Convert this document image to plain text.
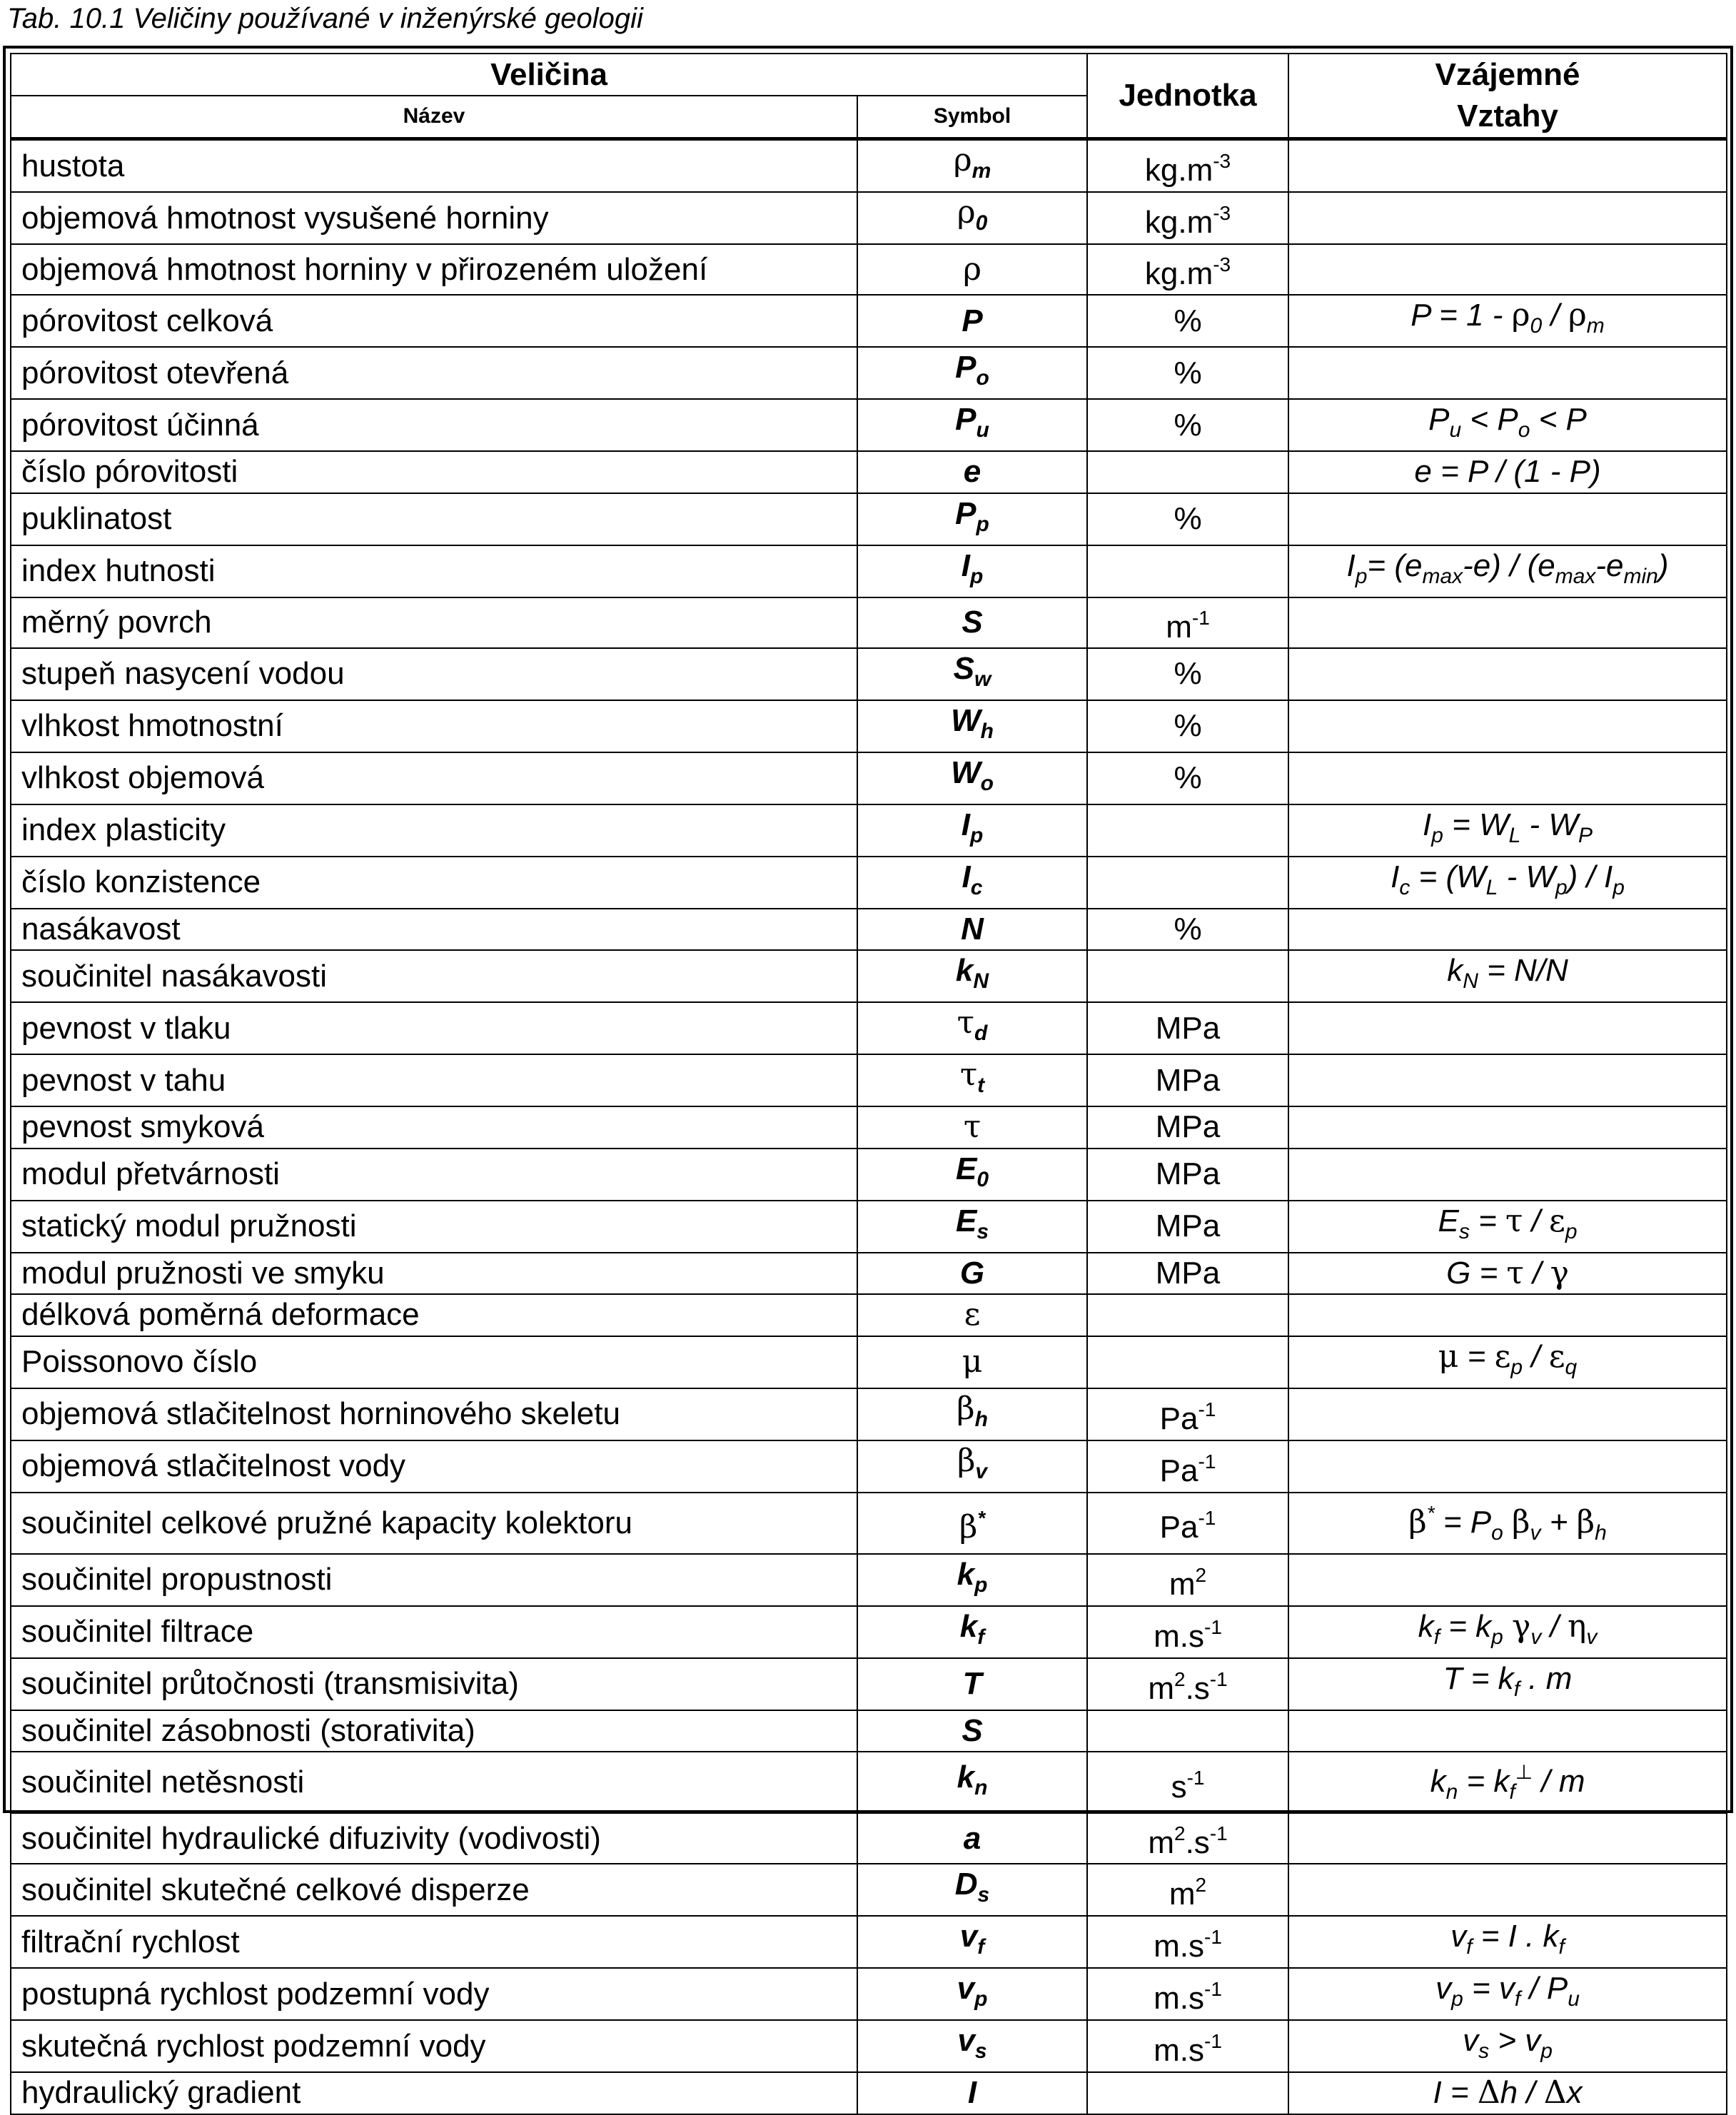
Tab. 10.1 Veličiny používané v inženýrské geologii
Veličina		Jednotka	Vzájemné
Vztahy

Název	Symbol		
hustota	$\rho_m$	$kg.m^{-3}$	
objemová hmotnost vysušené horniny	$\rho_0$	$kg.m^{-3}$	
objemová hmotnost horniny v přirozeném uložení	ρ	$kg.m^{-3}$	
pórovitost celková	P	%	$P = 1 - \rho_0 / \rho_m$
pórovitost otevřená	$P_o$	%	
pórovitost účinná	$P_u$	%	$P_u < P_o < P$
číslo pórovitosti	e		e = P / (1 - P)
puklinatost	$P_p$	%	
index hutnosti	$I_p$		$I_p= (e_{max}-e) / (e_{max}-e_{min})$
měrný povrch	S	$m^{-1}$	
stupeň nasycení vodou	$S_w$	%	
vlhkost hmotnostní	$W_h$	%	
vlhkost objemová	$W_o$	%	
index plasticity	$I_p$		$I_p = W_L - W_P$
číslo konzistence	$I_c$		$I_c = (W_L - W_p) / I_p$
nasákavost	N	%	
součinitel nasákavosti	$k_N$		$k_N = N/N$
pevnost v tlaku	$\tau_d$	MPa	
pevnost v tahu	$\tau_t$	MPa	
pevnost smyková	τ	MPa	
modul přetvárnosti	$E_0$	MPa	
statický modul pružnosti	$E_s$	MPa	$E_s = \tau / \varepsilon_p$
modul pružnosti ve smyku	G	MPa	G = τ / γ
délková poměrná deformace	ε		
Poissonovo číslo	μ		$\mu = \varepsilon_p / \varepsilon_q$
objemová stlačitelnost horninového skeletu	$\beta_h$	$Pa^{-1}$	
objemová stlačitelnost vody	$\beta_v$	$Pa^{-1}$	
součinitel celkové pružné kapacity kolektoru	β*	$Pa^{-1}$	$\beta^* = P_o$ $\beta_v + \beta_h$
součinitel propustnosti	$k_p$	$m^2$	
součinitel filtrace	$k_f$	$m.s^{-1}$	$k_f = k_p$ $\gamma_v / \eta_v$
součinitel průtočnosti (transmisivita)	T	$m^2.s^{-1}$	$T = k_f$ . m
součinitel zásobnosti (storativita)	S		
součinitel netěsnosti	$k_n$	$s^{-1}$	$k_n = k_f^\perp / m$
součinitel hydraulické difuzivity (vodivosti)	a	$m^2.s^{-1}$	
součinitel skutečné celkové disperze	$D_s$	$m^2$	
filtrační rychlost	$v_f$	$m.s^{-1}$	$v_f = I$ . $k_f$
postupná rychlost podzemní vody	$v_p$	$m.s^{-1}$	$v_p = v_f / P_u$
skutečná rychlost podzemní vody	$v_s$	$m.s^{-1}$	$v_s > v_p$
hydraulický gradient	I		I = Δh / Δx
